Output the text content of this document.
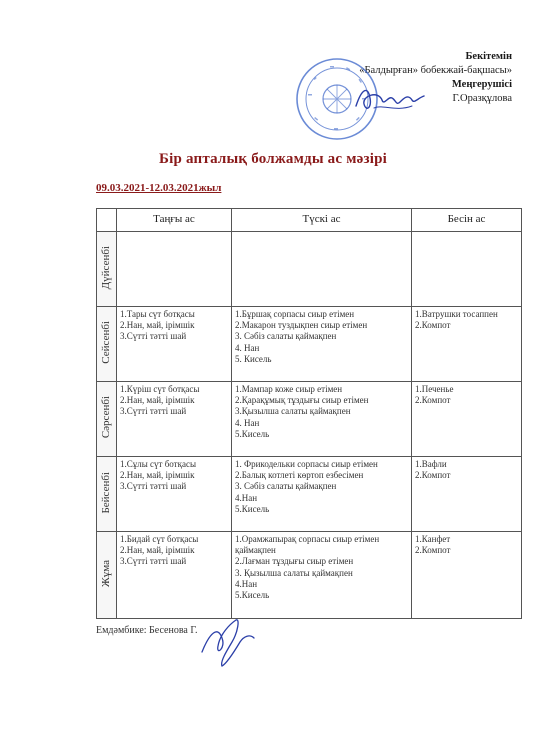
Бекітемін
«Балдырған» бобекжай-бақшасы»
Меңгерушісі
Г.Оразқұлова
Бір апталық болжамды ас мәзірі
09.03.2021-12.03.2021жыл
	Таңғы ас	Түскі ас	Бесін ас
Дүйсенбі			
Сейсенбі	1.Тары сүт ботқасы
2.Нан, май, ірімшік
3.Сүтті тәтті шай	1.Бұршақ сорпасы сиыр етімен
2.Макарон туздықпен сиыр етімен
3. Сәбіз салаты қаймақпен
4. Нан
5. Кисель	1.Ватрушки тосаппен
2.Компот

Сәрсенбі	1.Күріш сүт ботқасы
2.Нан, май, ірімшік
3.Сүтті тәтті шай	1.Мампар коже сиыр етімен
2.Қарақұмық тұздығы сиыр етімен
3.Қызылша салаты қаймақпен
4. Нан
5.Кисель	1.Печенье
2.Компот

Бейсенбі	1.Сұлы сүт ботқасы
2.Нан, май, ірімшік
3.Сүтті тәтті шай	1. Фрикодельки сорпасы сиыр етімен
2.Балық котлеті көртоп езбесімен
3. Сәбіз салаты қаймақпен
4.Нан
5.Кисель	1.Вафли
2.Компот

Жұма	1.Бидай сүт ботқасы
2.Нан, май, ірімшік
3.Сүтті тәтті шай	1.Орамжапырақ сорпасы сиыр етімен қаймақпен
2.Лағман тұздығы сиыр етімен
3. Қызылша салаты қаймақпен
4.Нан
5.Кисель	1.Канфет
2.Компот
Емдәмбике: Бесенова Г.
